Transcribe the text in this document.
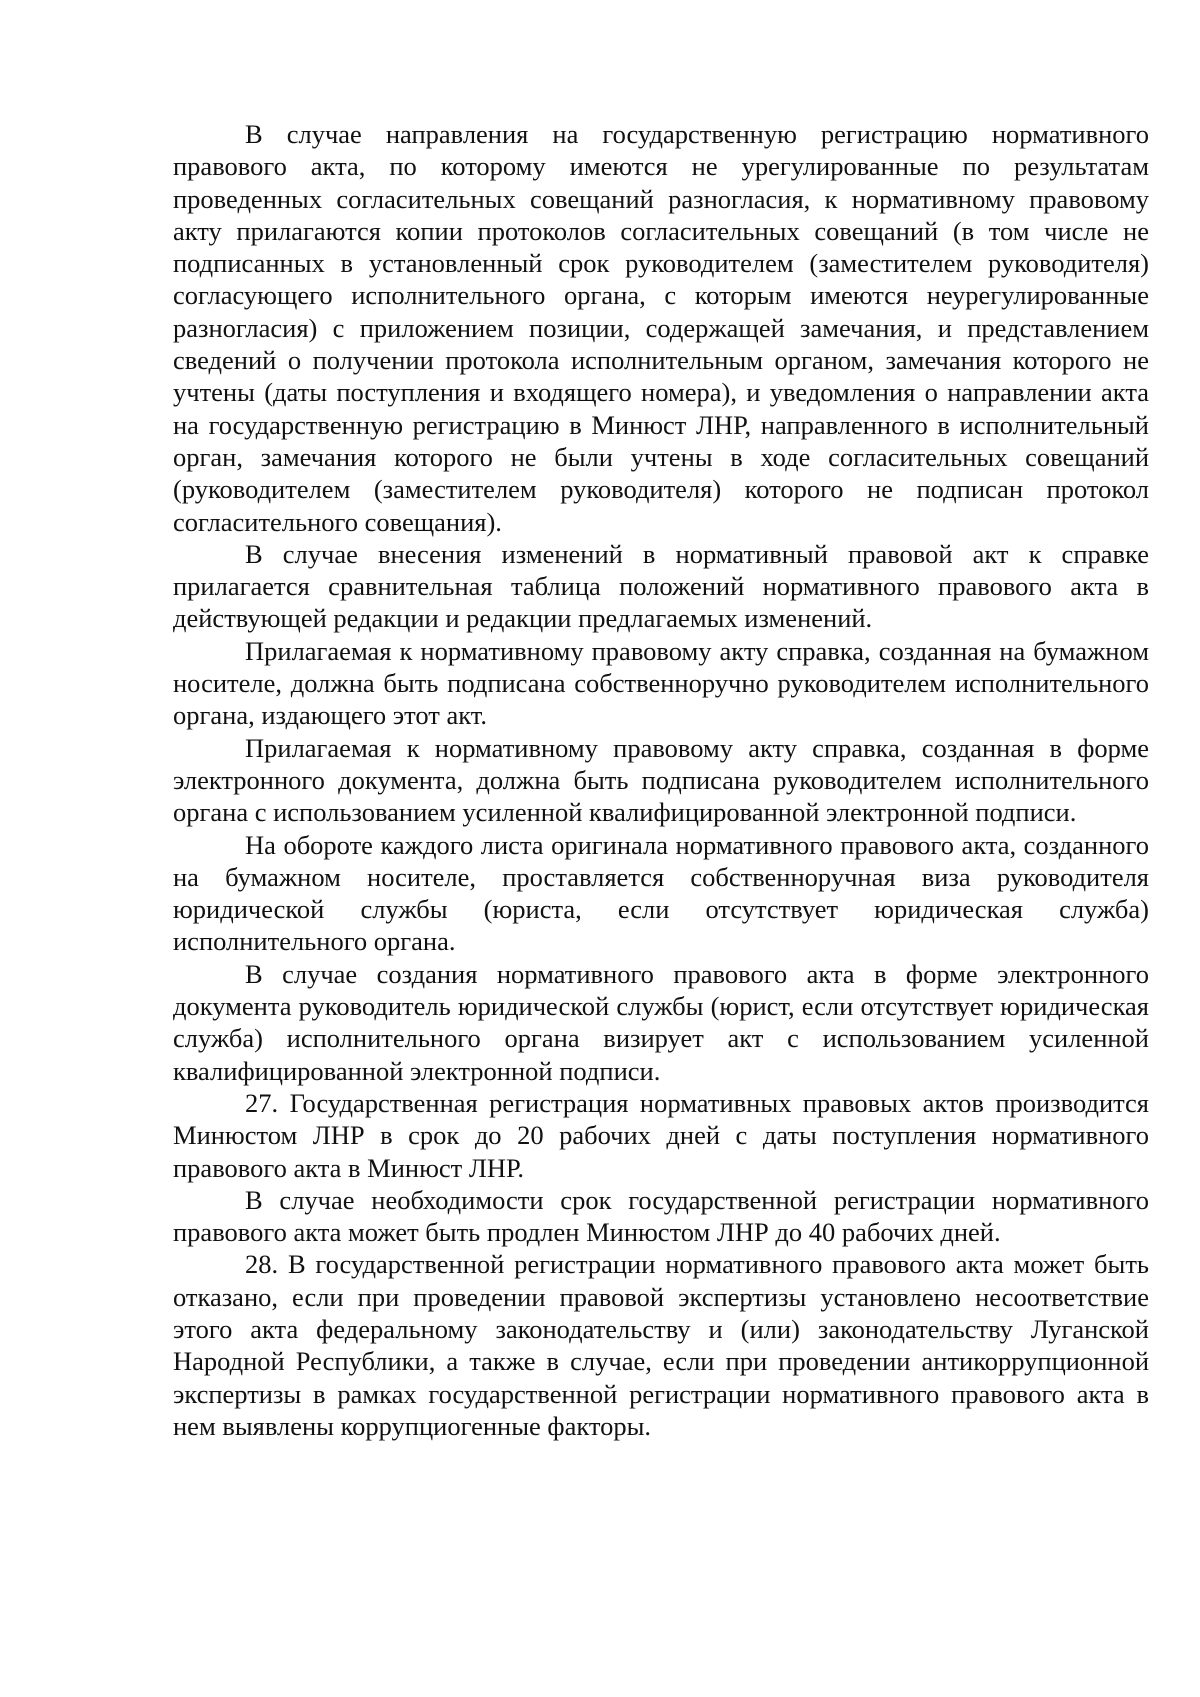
В случае направления на государственную регистрацию нормативного правового акта, по которому имеются не урегулированные по результатам проведенных согласительных совещаний разногласия, к нормативному правовому акту прилагаются копии протоколов согласительных совещаний (в том числе не подписанных в установленный срок руководителем (заместителем руководителя) согласующего исполнительного органа, с которым имеются неурегулированные разногласия) с приложением позиции, содержащей замечания, и представлением сведений о получении протокола исполнительным органом, замечания которого не учтены (даты поступления и входящего номера), и уведомления о направлении акта на государственную регистрацию в Минюст ЛНР, направленного в исполнительный орган, замечания которого не были учтены в ходе согласительных совещаний (руководителем (заместителем руководителя) которого не подписан протокол согласительного совещания).

В случае внесения изменений в нормативный правовой акт к справке прилагается сравнительная таблица положений нормативного правового акта в действующей редакции и редакции предлагаемых изменений.

Прилагаемая к нормативному правовому акту справка, созданная на бумажном носителе, должна быть подписана собственноручно руководителем исполнительного органа, издающего этот акт.

Прилагаемая к нормативному правовому акту справка, созданная в форме электронного документа, должна быть подписана руководителем исполнительного органа с использованием усиленной квалифицированной электронной подписи.

На обороте каждого листа оригинала нормативного правового акта, созданного на бумажном носителе, проставляется собственноручная виза руководителя юридической службы (юриста, если отсутствует юридическая служба) исполнительного органа.

В случае создания нормативного правового акта в форме электронного документа руководитель юридической службы (юрист, если отсутствует юридическая служба) исполнительного органа визирует акт с использованием усиленной квалифицированной электронной подписи.

27. Государственная регистрация нормативных правовых актов производится Минюстом ЛНР в срок до 20 рабочих дней с даты поступления нормативного правового акта в Минюст ЛНР.

В случае необходимости срок государственной регистрации нормативного правового акта может быть продлен Минюстом ЛНР до 40 рабочих дней.

28. В государственной регистрации нормативного правового акта может быть отказано, если при проведении правовой экспертизы установлено несоответствие этого акта федеральному законодательству и (или) законодательству Луганской Народной Республики, а также в случае, если при проведении антикоррупционной экспертизы в рамках государственной регистрации нормативного правового акта в нем выявлены коррупциогенные факторы.
